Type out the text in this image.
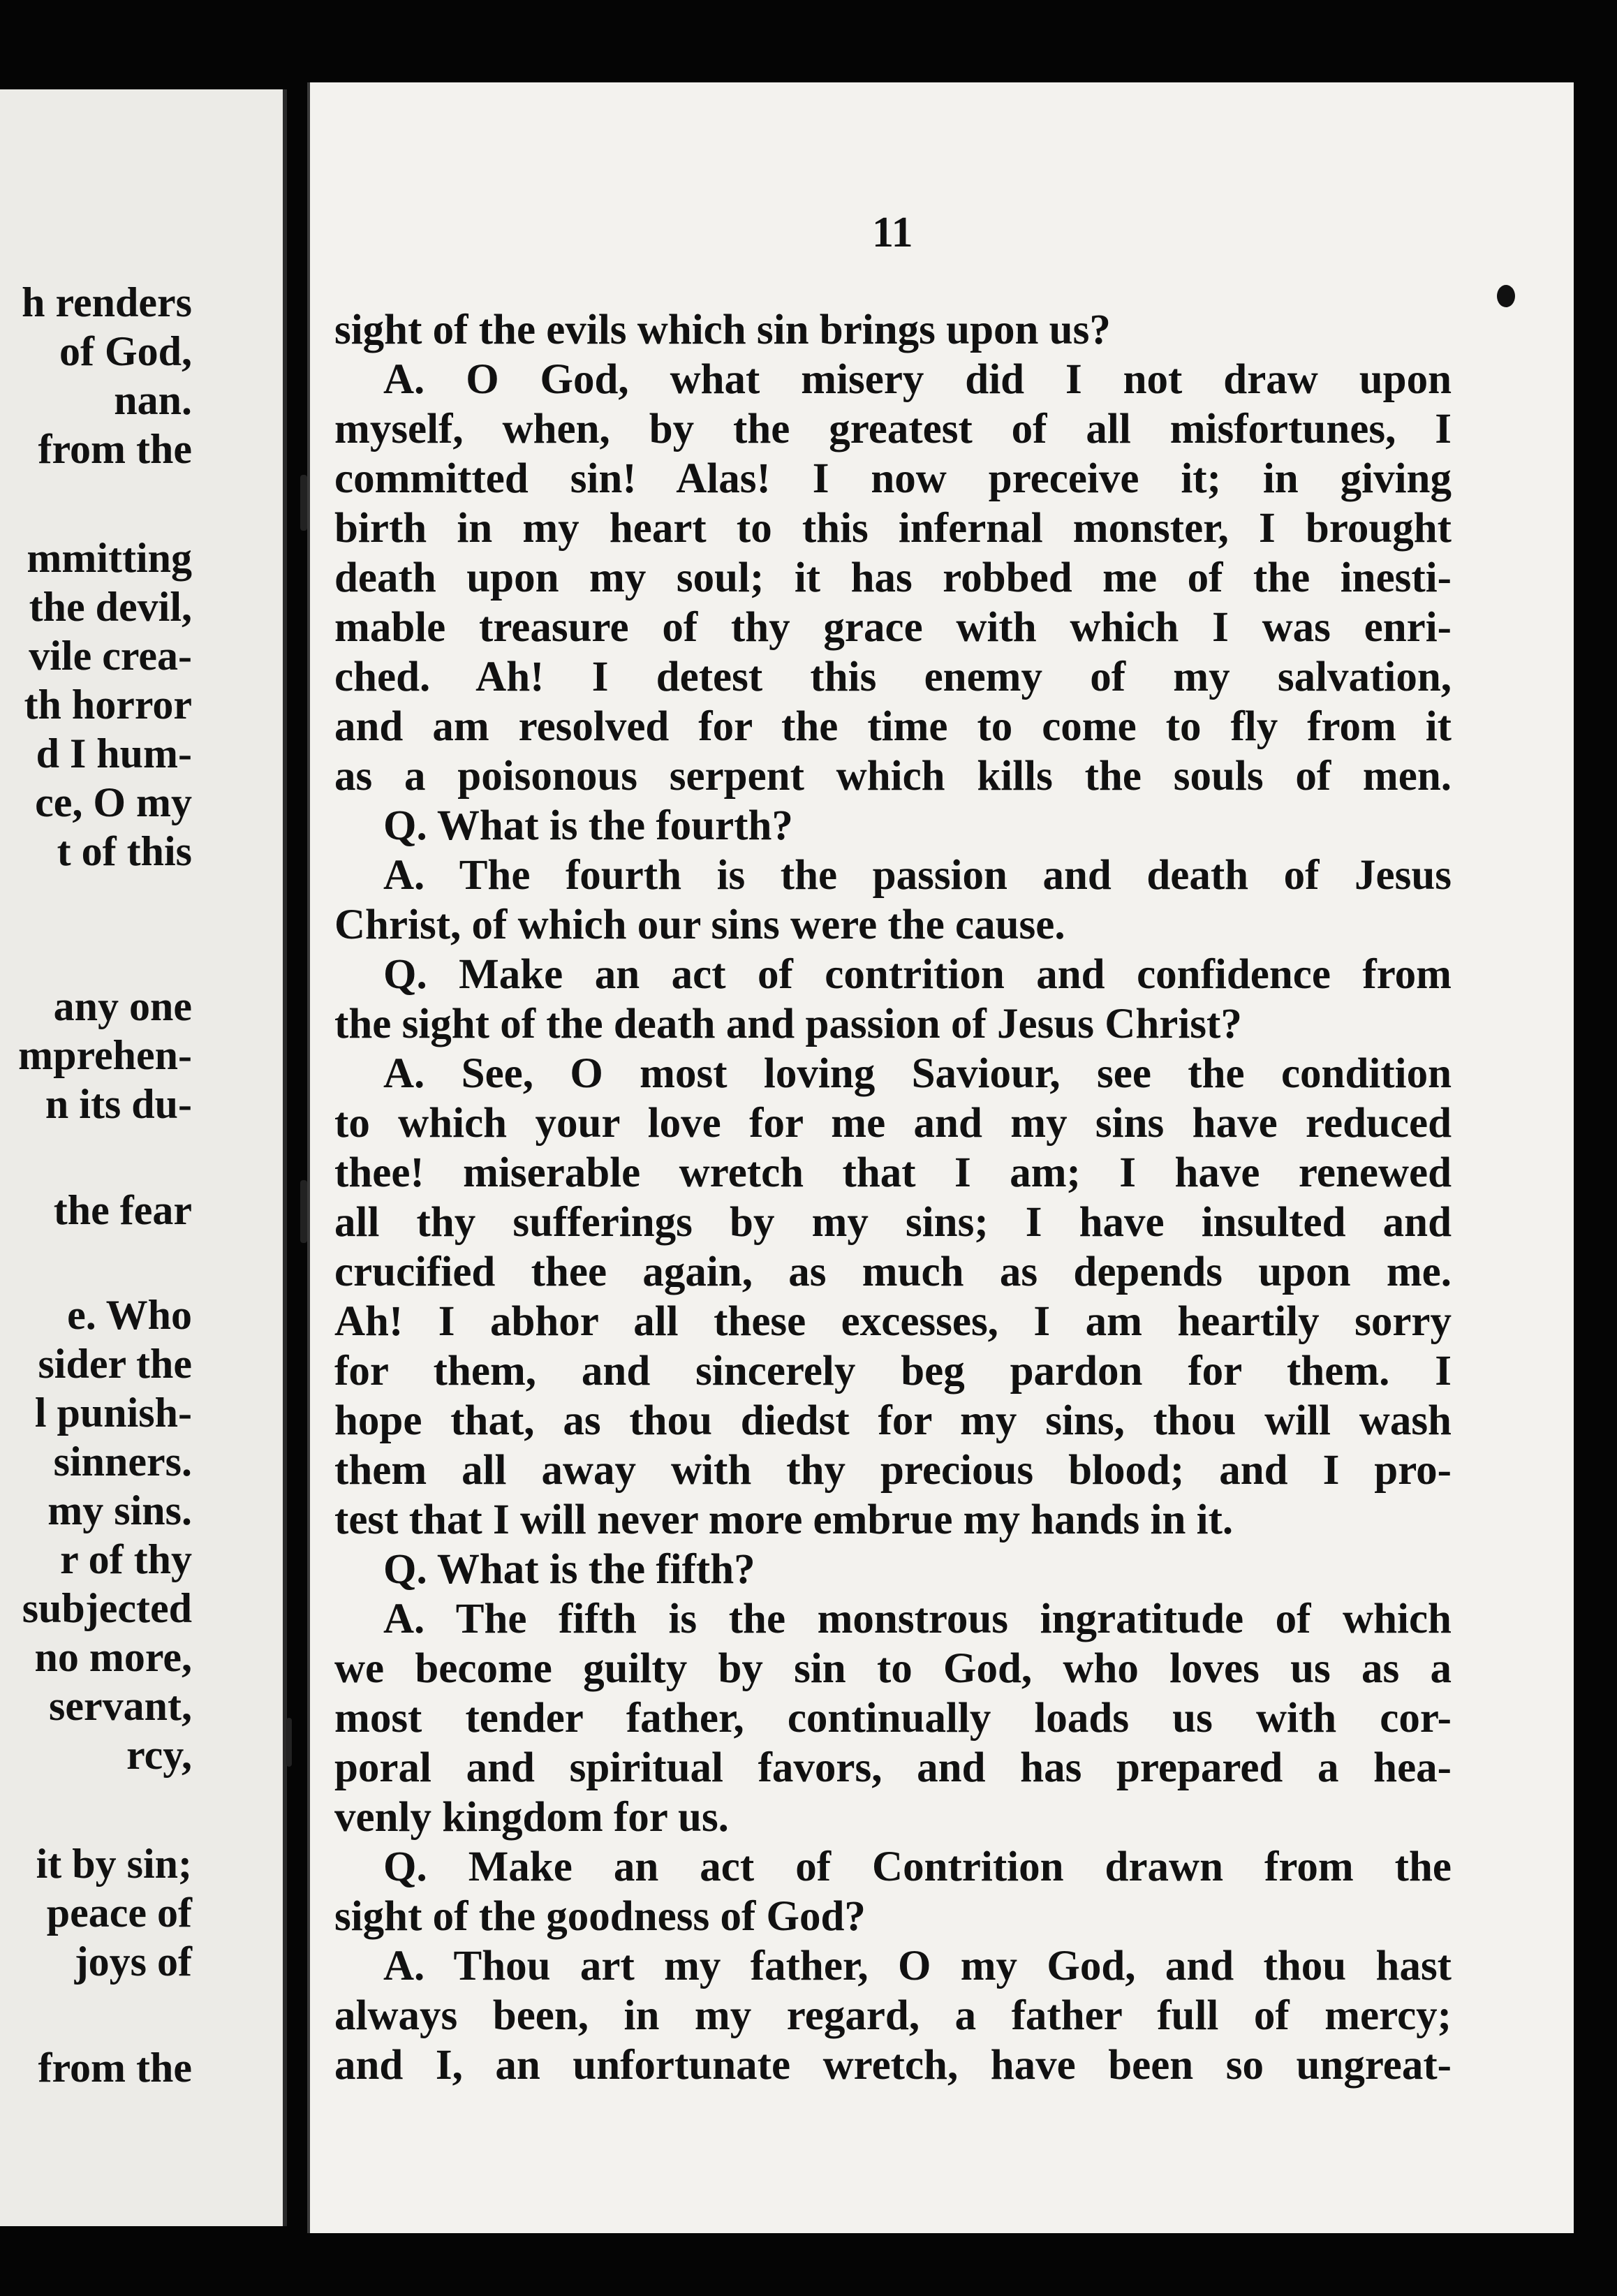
h renders
of God,
nan.
from the
mmitting
the devil,
vile crea-
th horror
d I hum-
ce, O my
t of this
any one
mprehen-
n its du-
the fear
e. Who
sider the
l punish-
sinners.
my sins.
r of thy
subjected
no more,
servant,
rcy,
it by sin;
peace of
joys of
from the
11
sight of the evils which sin brings upon us?
A. O God, what misery did I not draw upon
myself, when, by the greatest of all misfortunes, I
committed sin! Alas! I now preceive it; in giving
birth in my heart to this infernal monster, I brought
death upon my soul; it has robbed me of the inesti-
mable treasure of thy grace with which I was enri-
ched. Ah! I detest this enemy of my salvation,
and am resolved for the time to come to fly from it
as a poisonous serpent which kills the souls of men.
Q. What is the fourth?
A. The fourth is the passion and death of Jesus
Christ, of which our sins were the cause.
Q. Make an act of contrition and confidence from
the sight of the death and passion of Jesus Christ?
A. See, O most loving Saviour, see the condition
to which your love for me and my sins have reduced
thee! miserable wretch that I am; I have renewed
all thy sufferings by my sins; I have insulted and
crucified thee again, as much as depends upon me.
Ah! I abhor all these excesses, I am heartily sorry
for them, and sincerely beg pardon for them. I
hope that, as thou diedst for my sins, thou will wash
them all away with thy precious blood; and I pro-
test that I will never more embrue my hands in it.
Q. What is the fifth?
A. The fifth is the monstrous ingratitude of which
we become guilty by sin to God, who loves us as a
most tender father, continually loads us with cor-
poral and spiritual favors, and has prepared a hea-
venly kingdom for us.
Q. Make an act of Contrition drawn from the
sight of the goodness of God?
A. Thou art my father, O my God, and thou hast
always been, in my regard, a father full of mercy;
and I, an unfortunate wretch, have been so ungreat-
